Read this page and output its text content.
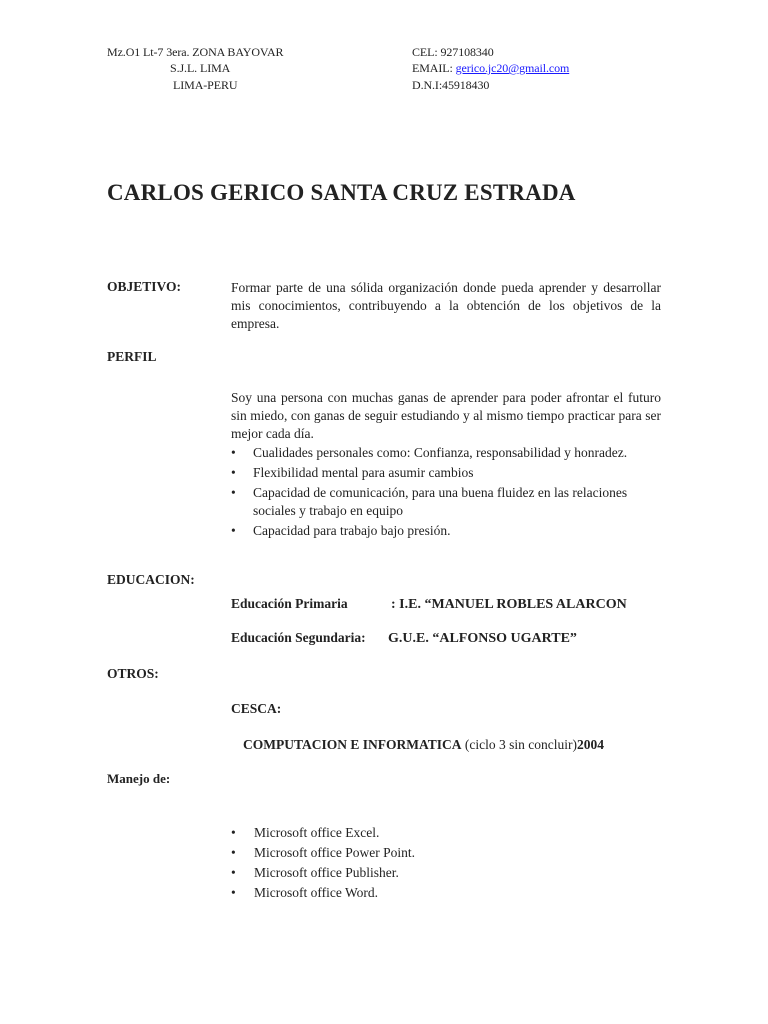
Mz.O1 Lt-7 3era. ZONA BAYOVAR
S.J.L. LIMA
LIMA-PERU
CEL: 927108340
EMAIL: gerico.jc20@gmail.com
D.N.I:45918430
CARLOS GERICO SANTA CRUZ ESTRADA
OBJETIVO:	Formar parte de una sólida organización donde pueda aprender y desarrollar mis conocimientos, contribuyendo a la obtención de los objetivos de la empresa.
PERFIL
Soy una persona con muchas ganas de aprender para poder afrontar el futuro sin miedo, con ganas de seguir estudiando y al mismo tiempo practicar para ser mejor cada día.
• Cualidades personales como: Confianza, responsabilidad y honradez.
• Flexibilidad mental para asumir cambios
• Capacidad de comunicación, para una buena fluidez en las relaciones sociales y trabajo en equipo
• Capacidad para trabajo bajo presión.
EDUCACION:
Educación Primaria	: I.E. “MANUEL ROBLES ALARCON
Educación Segundaria: G.U.E. “ALFONSO UGARTE”
OTROS:
CESCA:
COMPUTACION E INFORMATICA (ciclo 3 sin concluir)2004
Manejo de:
• Microsoft office Excel.
• Microsoft office Power Point.
• Microsoft office Publisher.
• Microsoft office Word.
